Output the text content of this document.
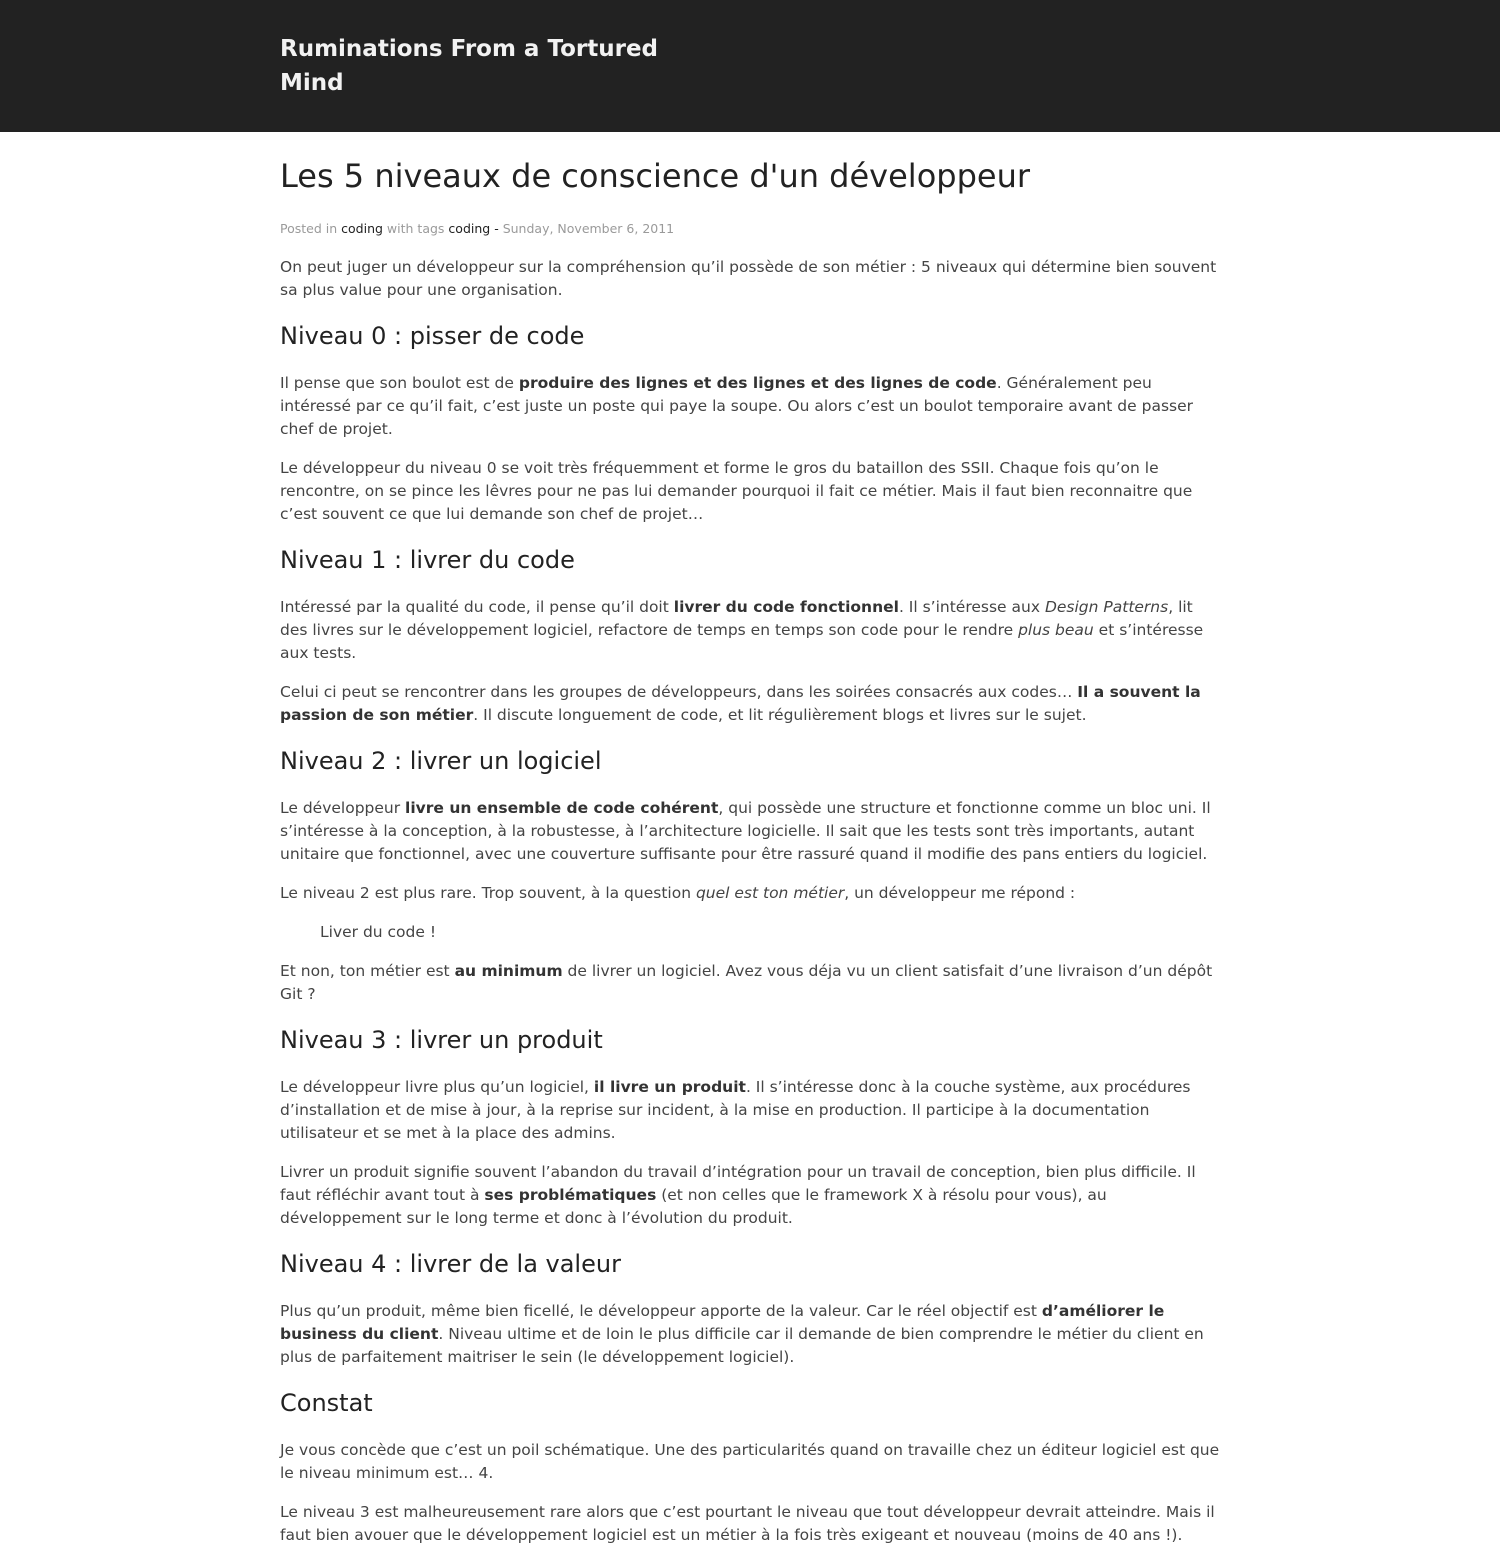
Ruminations From a Tortured Mind
Les 5 niveaux de conscience d'un développeur
Posted in coding with tags coding - Sunday, November 6, 2011

On peut juger un développeur sur la compréhension qu’il possède de son métier : 5 niveaux qui détermine bien souvent sa plus value pour une organisation.

Niveau 0 : pisser de code

Il pense que son boulot est de produire des lignes et des lignes et des lignes de code. Généralement peu intéressé par ce qu’il fait, c’est juste un poste qui paye la soupe. Ou alors c’est un boulot temporaire avant de passer chef de projet.

Le développeur du niveau 0 se voit très fréquemment et forme le gros du bataillon des SSII. Chaque fois qu’on le rencontre, on se pince les lêvres pour ne pas lui demander pourquoi il fait ce métier. Mais il faut bien reconnaitre que c’est souvent ce que lui demande son chef de projet…

Niveau 1 : livrer du code

Intéressé par la qualité du code, il pense qu’il doit livrer du code fonctionnel. Il s’intéresse aux Design Patterns, lit des livres sur le développement logiciel, refactore de temps en temps son code pour le rendre plus beau et s’intéresse aux tests.

Celui ci peut se rencontrer dans les groupes de développeurs, dans les soirées consacrés aux codes… Il a souvent la passion de son métier. Il discute longuement de code, et lit régulièrement blogs et livres sur le sujet.

Niveau 2 : livrer un logiciel

Le développeur livre un ensemble de code cohérent, qui possède une structure et fonctionne comme un bloc uni. Il s’intéresse à la conception, à la robustesse, à l’architecture logicielle. Il sait que les tests sont très importants, autant unitaire que fonctionnel, avec une couverture suffisante pour être rassuré quand il modifie des pans entiers du logiciel.

Le niveau 2 est plus rare. Trop souvent, à la question quel est ton métier, un développeur me répond :

Liver du code !

Et non, ton métier est au minimum de livrer un logiciel. Avez vous déja vu un client satisfait d’une livraison d’un dépôt Git ?

Niveau 3 : livrer un produit

Le développeur livre plus qu’un logiciel, il livre un produit. Il s’intéresse donc à la couche système, aux procédures d’installation et de mise à jour, à la reprise sur incident, à la mise en production. Il participe à la documentation utilisateur et se met à la place des admins.

Livrer un produit signifie souvent l’abandon du travail d’intégration pour un travail de conception, bien plus difficile. Il faut réfléchir avant tout à ses problématiques (et non celles que le framework X à résolu pour vous), au développement sur le long terme et donc à l’évolution du produit.

Niveau 4 : livrer de la valeur

Plus qu’un produit, même bien ficellé, le développeur apporte de la valeur. Car le réel objectif est d’améliorer le business du client. Niveau ultime et de loin le plus difficile car il demande de bien comprendre le métier du client en plus de parfaitement maitriser le sein (le développement logiciel).

Constat

Je vous concède que c’est un poil schématique. Une des particularités quand on travaille chez un éditeur logiciel est que le niveau minimum est… 4.

Le niveau 3 est malheureusement rare alors que c’est pourtant le niveau que tout développeur devrait atteindre. Mais il faut bien avouer que le développement logiciel est un métier à la fois très exigeant et nouveau (moins de 40 ans !).
